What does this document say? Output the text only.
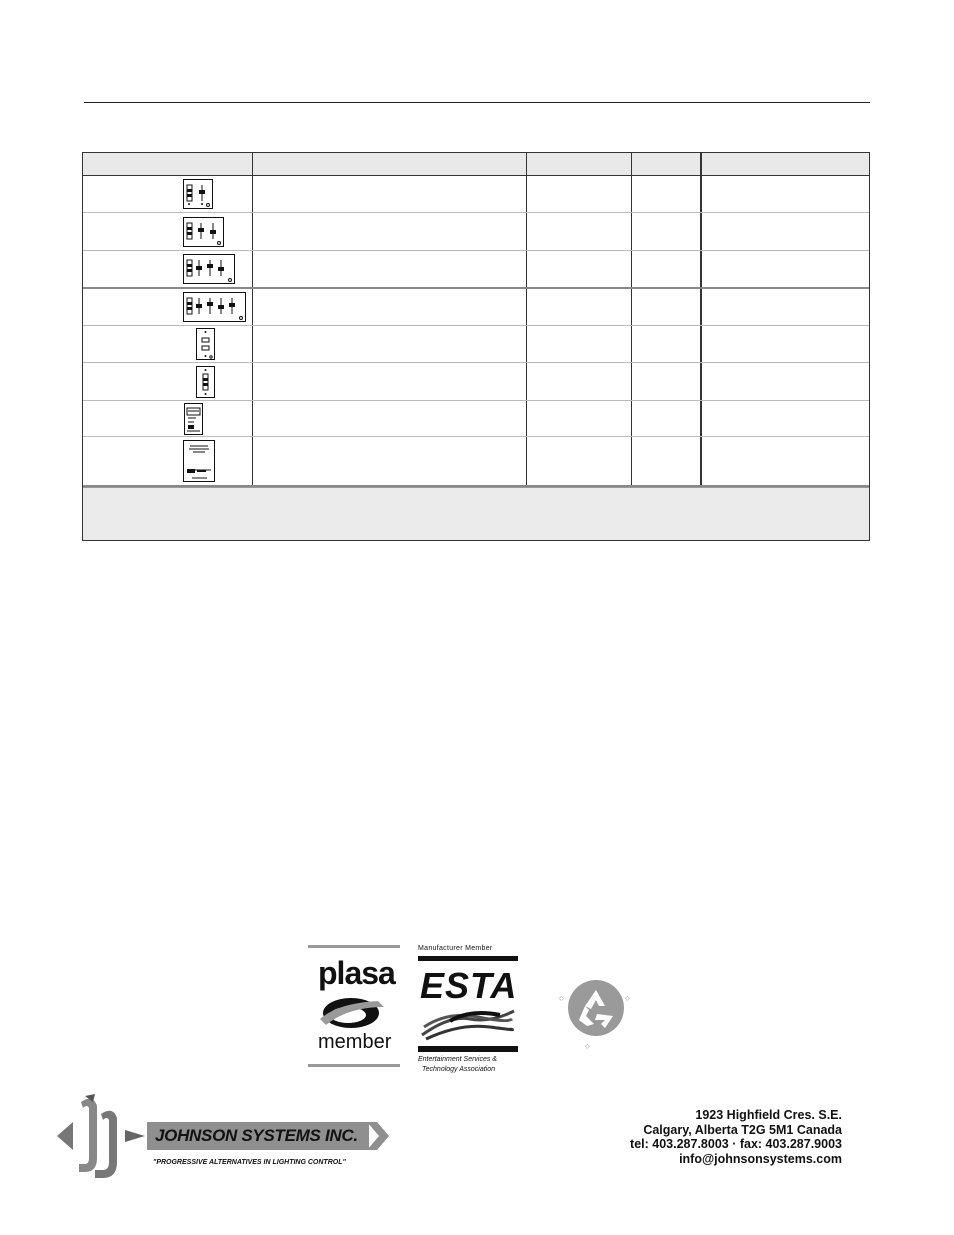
plasa
member
Manufacturer Member
ESTA
Entertainment Services &
Technology Association
◇	◇
◇
JOHNSON SYSTEMS INC.
"PROGRESSIVE ALTERNATIVES IN LIGHTING CONTROL"
1923 Highfield Cres. S.E.
Calgary, Alberta T2G 5M1 Canada
tel: 403.287.8003 · fax: 403.287.9003
info@johnsonsystems.com
